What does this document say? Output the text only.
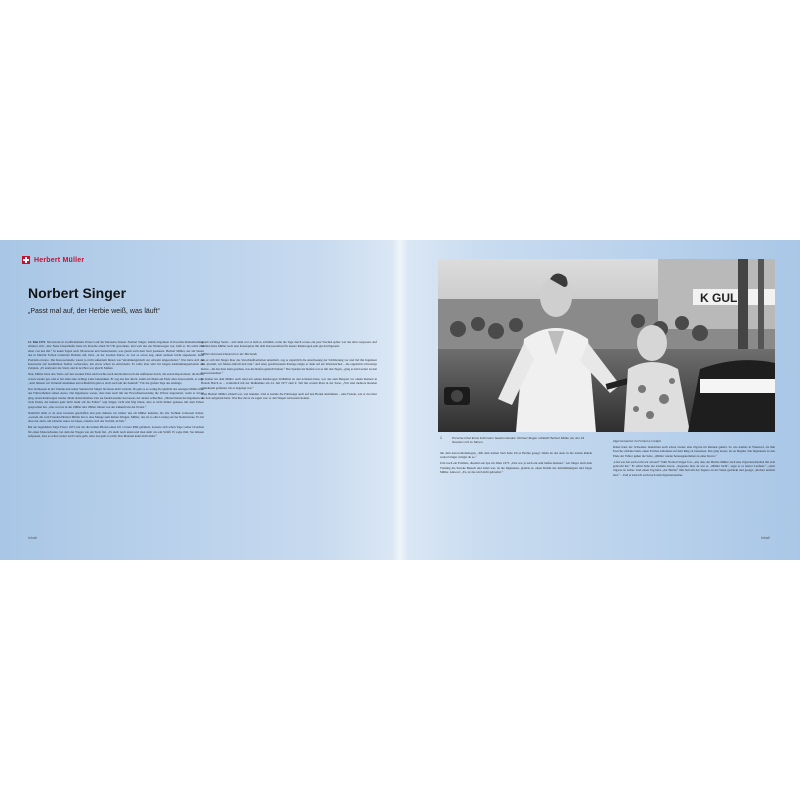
Herbert Müller
Norbert Singer

„Passt mal auf, der Herbie weiß, was läuft“

12. Mai 1974. Silverstone in Großbritannien. Erster Lauf der Interserie-Saison. Norbert Singer, damals Ingenieur in Porsches Rennabteilung, erinnert sich: „Der Neue Dauerläufer hatte im Porsche einen 917/30 gewonnen, und weil das ein Werkswagen war, hieß er. Da sollte mal einer von uns mit.“ In kaum Tagen nach Silverstone und Senkschetten, was gleich auch dem Start passieren. Herbert Müller, der am Steuer des in Martini Farben lackierten Boliden saß, hatte „in der zweiten Kurve, da war es etwas eng, einen anderen leicht angedeutet. Kein Problem erwarte. Die Karosserieteile waren ja nicht außerdem hinten war Verstärkungsblech zur Abwehr eingearbeitet.“ Was hatte sich die Karosserie auf bestimmten Stellen vorbereiten, um etwas schon zu entwickeln. Er rollte aber sehr bei langen Abstimmungsarbeiten am Zeitplan. „Er analysiert die Stadt, und in der Box war gleich: Maßen

Nun, Müller hatte den Turbo auf den zweiten Platz und brachte nach den Rollen noch die Aufbauten durch, die ersten Reparaturen, die Rohre waren wieder gut, und er hat dann eine richtige Linie bekommen. Er zog das fest durch, damit ein Mann am Ende alles dazu kommt, er sagt: „Jetzt müssen wir Vernunft annehmen und schließlich geht es doch auch um die Zukunft.“ Für die großen Tage des Anfangs.

Das Vermessen in der Unruhe und seiner Sektion hat Singer bis heute nicht verlernt. Da gab es so wenig die Qualität des Anzuges Müller über das Fahrverhalten seines Autos. Die Ingenieure waren, dass man auch mit der Erwachsenwerdung die Wörter ungestattet, wenn er davon ging, einen Rennwagen wieder direkt abzuschreiben. Der sie fanden konnte das besser, der anders schlechter. „Hatten haben die Ingenieure so viele Daten, die können ganz nicht mehr auf die Fahrer“ sagt Singer, lacht und fügt hinzu, dass er nicht immer genauso mit dem Fahrer gesprochen hat. „Das war bis in die 1980er und 1990er Jahren von der Zukunft uns der Praxis.“

Natürlich lehnt er da stets Grenzen geschaffen und jetzt müssen wir immer uns als Müller kannten, die alle Technik verbessert hatten. „Gerade die vom Freuden Herbert Müller hat er eine Menge zum Reiten bringen, Müller, das ist so eine Lösung auf der Rennstrecke. Es hat alles nur darin, um schnelle Autos zu bauen, erlaubte sich das Vorbild, ist halt.“

Bei der legendären Targa Florio 1973, bei der die beiden Piloten einen 911 Carrera RSR gefahren, lockerte sich schon Tage vorher Ursachen für einen Motorschaden, bei dem der Wagen wie ein Stein fiel. „Es zieht nach unten und man sieht wie ein Schiff. Er sagte ihm: Sie müssen aufpassen, dass es schon weiter nach vorne geht. Aber das geht so nicht. Das Material kann nicht mehr.“

einem wichtige Sache – und dann war es halb so schlimm, wenn die Tage durch waren, ein paar Wochen später war das alles vergessen. Auf Sizilien habe Müller noch eine Konzeption mit dem Karosseriebau für unsere Rennwagen sehr gut durchgesetzt.

Müllers Karosseriebaurecht in der Mechanik

Als er sich mit Singer über das Verschleißverhalten unterhielt, zog er eigentlich die Anschauung der Schilderung vor und lief ihn Ingenieur des „Komm, wir fahren einfach mal rum.“ Auf einer geschlossenen Passage zeigte er dann auf ein Wartezeichen – die eigentlich schwierige Kurve. „Da hat man dann gesehen, was die Reifen gemacht haben.“ Das Spielen der Reifen war es mit den Tagen, „ging es bald weiter zu den Karosserieteilen.“

In beiden bei dem Müller auch rund um seinen Rennwagen Verhältnis zu den Arbeiten hatte, war das zum Beispiel vor einem Rennen in Brands Hatch so – vermutlich mit der Maßnahme am 24. Juli 1977 zum 9. Teil mit erstem Platz in der Serie. „Wir sind mehrere Runden gemeinsam gefahren, bis er abgelegt war.“

Dass Herbert Müller schnell war, wie bekannt. Und er konnte die Fahrzeuge auch auf den Boden abstimmen – eine Freude, wie er das über die Zeit aufgebaut hatte. Was hier davor zu sagen war: er den Wagen verbessern konnte.

Inhalt
K GUL
1	Porsche-Chef Ernst Fuhrmann bewirkt damals: Norbert Singer schließt Herbert Müller ab, der 24 Stunden ruft zu fahren.

mit dem Autovollrennbogen. „Mit dem letzten Start habe ich es Herbie gesagt: Wenn du das Auto in die letzten Runde weiter bringst, bringst du es.“

Und noch ein Erlebnis, diesmal aus Spa im Jahre 1973. „Das war ja auch ein sehr heißes Rennen.“ Als Singer nach dem Training die Strecke Besuch und dabei war, da die Ingenieure, glaubte er, einen Defekt der Abstimmungsart und fragte Müller. Antwort: „Es, ist das wird nicht gebremst.“

Zigarrenraucher im Formel-2-Cockpit

Dabei hatte der Schweizer manchmal auch schon wieder eine Zigarre im Rennen gehabt. So wie damals in Wunstorf, als ihm Porsche schickte beim, einen Formel-2-Rennen auf dem Ring zu bestreiten. Das ging besser, als zu Beginn. Die Ingenieure zu den Ende der Fahrer gehen die Seite. „Müller wieder herausgekommen zu einer Kurve.“

„Und was hat auch recht wir wissen?“ fährt Norbert Singer fort. „ein, dass der Herbie Müller auch eine Zigarrenschachtel mit sich gebracht hat.“ Er selbst habe ein Lächeln davon. „Zigarette mal, da war er. „Müller nicht“, sagte er es letzter Laufzeit.“ „Aber Zigarre ist sicher. Und einen Tag habe „der Herbie“ ihm halt mit der Zigarre an die Wand gedrückt und gesagt: „Probier einfach mal.“ – Und er kam ich auch noch zum Zigarrenraucher.

Inhalt
